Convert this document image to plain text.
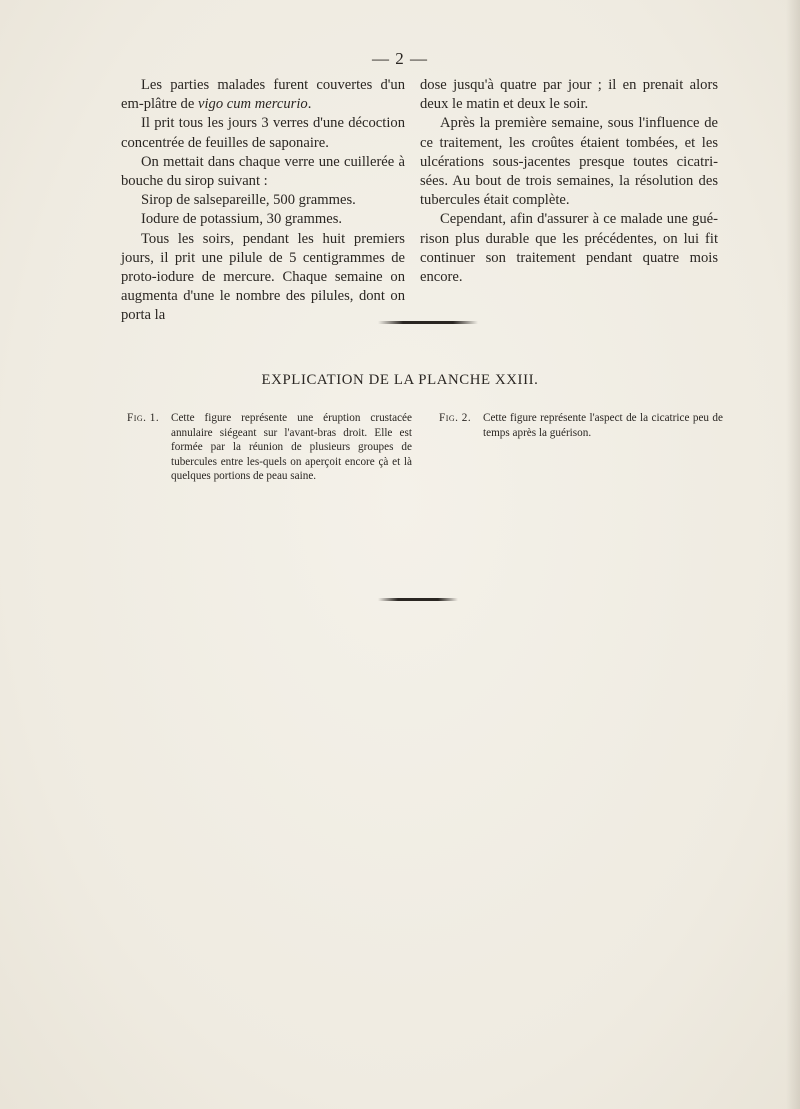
— 2 —

Les parties malades furent couvertes d'un em-plâtre de vigo cum mercurio.

Il prit tous les jours 3 verres d'une décoction concentrée de feuilles de saponaire.

On mettait dans chaque verre une cuillerée à bouche du sirop suivant :

Sirop de salsepareille, 500 grammes.

Iodure de potassium, 30 grammes.

Tous les soirs, pendant les huit premiers jours, il prit une pilule de 5 centigrammes de proto-iodure de mercure. Chaque semaine on augmenta d'une le nombre des pilules, dont on porta la

dose jusqu'à quatre par jour ; il en prenait alors deux le matin et deux le soir.

Après la première semaine, sous l'influence de ce traitement, les croûtes étaient tombées, et les ulcérations sous-jacentes presque toutes cicatri-sées. Au bout de trois semaines, la résolution des tubercules était complète.

Cependant, afin d'assurer à ce malade une gué-rison plus durable que les précédentes, on lui fit continuer son traitement pendant quatre mois encore.

EXPLICATION DE LA PLANCHE XXIII.
Fig. 1.	Cette figure représente une éruption crustacée annulaire siégeant sur l'avant-bras droit. Elle est formée par la réunion de plusieurs groupes de tubercules entre les-quels on aperçoit encore çà et là quelques portions de peau saine.
Fig. 2.	Cette figure représente l'aspect de la cicatrice peu de temps après la guérison.
